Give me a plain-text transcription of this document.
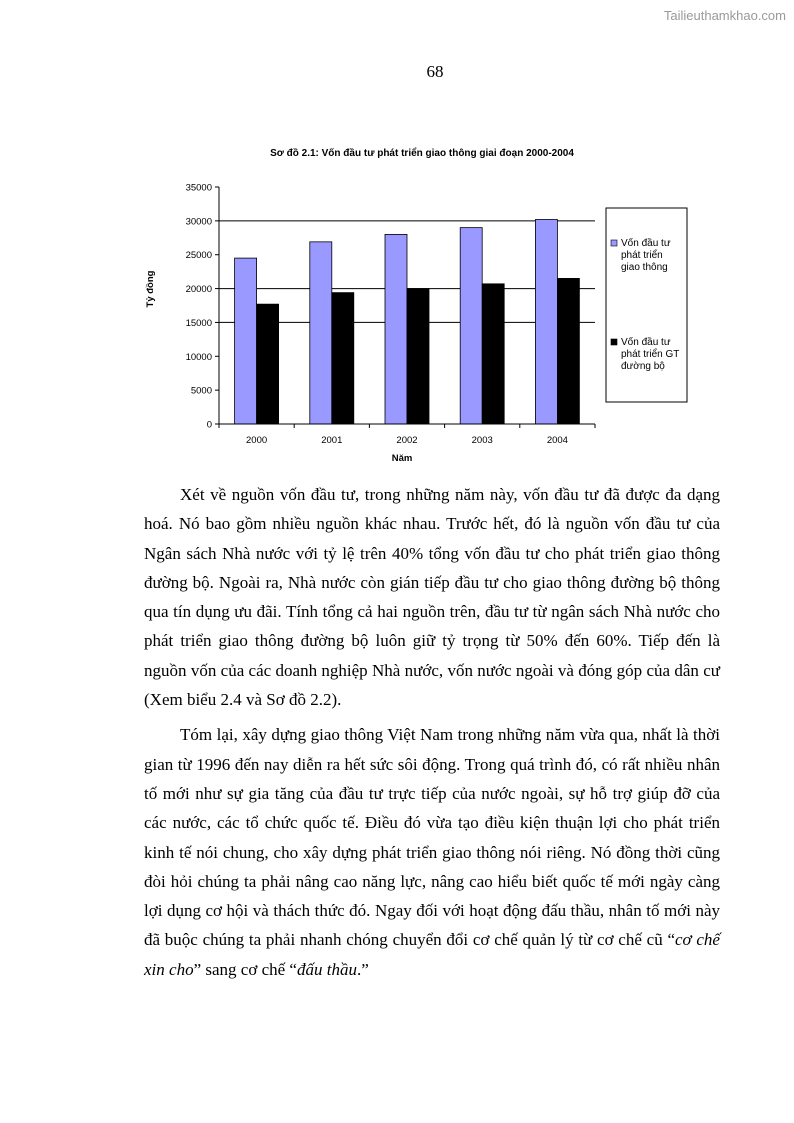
Tailieuthamkhao.com
68
Sơ đồ 2.1: Vốn đầu tư phát triển giao thông giai đoạn 2000-2004
0
5000
10000
15000
20000
25000
30000
35000
2000	2001	2002	2003	2004
Năm
Tỷ đồng
Vốn đầu tư
phát triển
giao thông
Vốn đầu tư
phát triển GT
đường bộ

Xét về nguồn vốn đầu tư, trong những năm này, vốn đầu tư đã được đa dạng hoá. Nó bao gồm nhiều nguồn khác nhau. Trước hết, đó là nguồn vốn đầu tư của Ngân sách Nhà nước với tỷ lệ trên 40% tổng vốn đầu tư cho phát triển giao thông đường bộ. Ngoài ra, Nhà nước còn gián tiếp đầu tư cho giao thông đường bộ thông qua tín dụng ưu đãi. Tính tổng cả hai nguồn trên, đầu tư từ ngân sách Nhà nước cho phát triển giao thông đường bộ luôn giữ tỷ trọng từ 50% đến 60%. Tiếp đến là nguồn vốn của các doanh nghiệp Nhà nước, vốn nước ngoài và đóng góp của dân cư (Xem biểu 2.4 và Sơ đồ 2.2).

Tóm lại, xây dựng giao thông Việt Nam trong những năm vừa qua, nhất là thời gian từ 1996 đến nay diễn ra hết sức sôi động. Trong quá trình đó, có rất nhiều nhân tố mới như sự gia tăng của đầu tư trực tiếp của nước ngoài, sự hỗ trợ giúp đỡ của các nước, các tổ chức quốc tế. Điều đó vừa tạo điều kiện thuận lợi cho phát triển kinh tế nói chung, cho xây dựng phát triển giao thông nói riêng. Nó đồng thời cũng đòi hỏi chúng ta phải nâng cao năng lực, nâng cao hiểu biết quốc tế mới ngày càng lợi dụng cơ hội và thách thức đó. Ngay đối với hoạt động đấu thầu, nhân tố mới này đã buộc chúng ta phải nhanh chóng chuyển đổi cơ chế quản lý từ cơ chế cũ “cơ chế xin cho” sang cơ chế “đấu thầu.”
